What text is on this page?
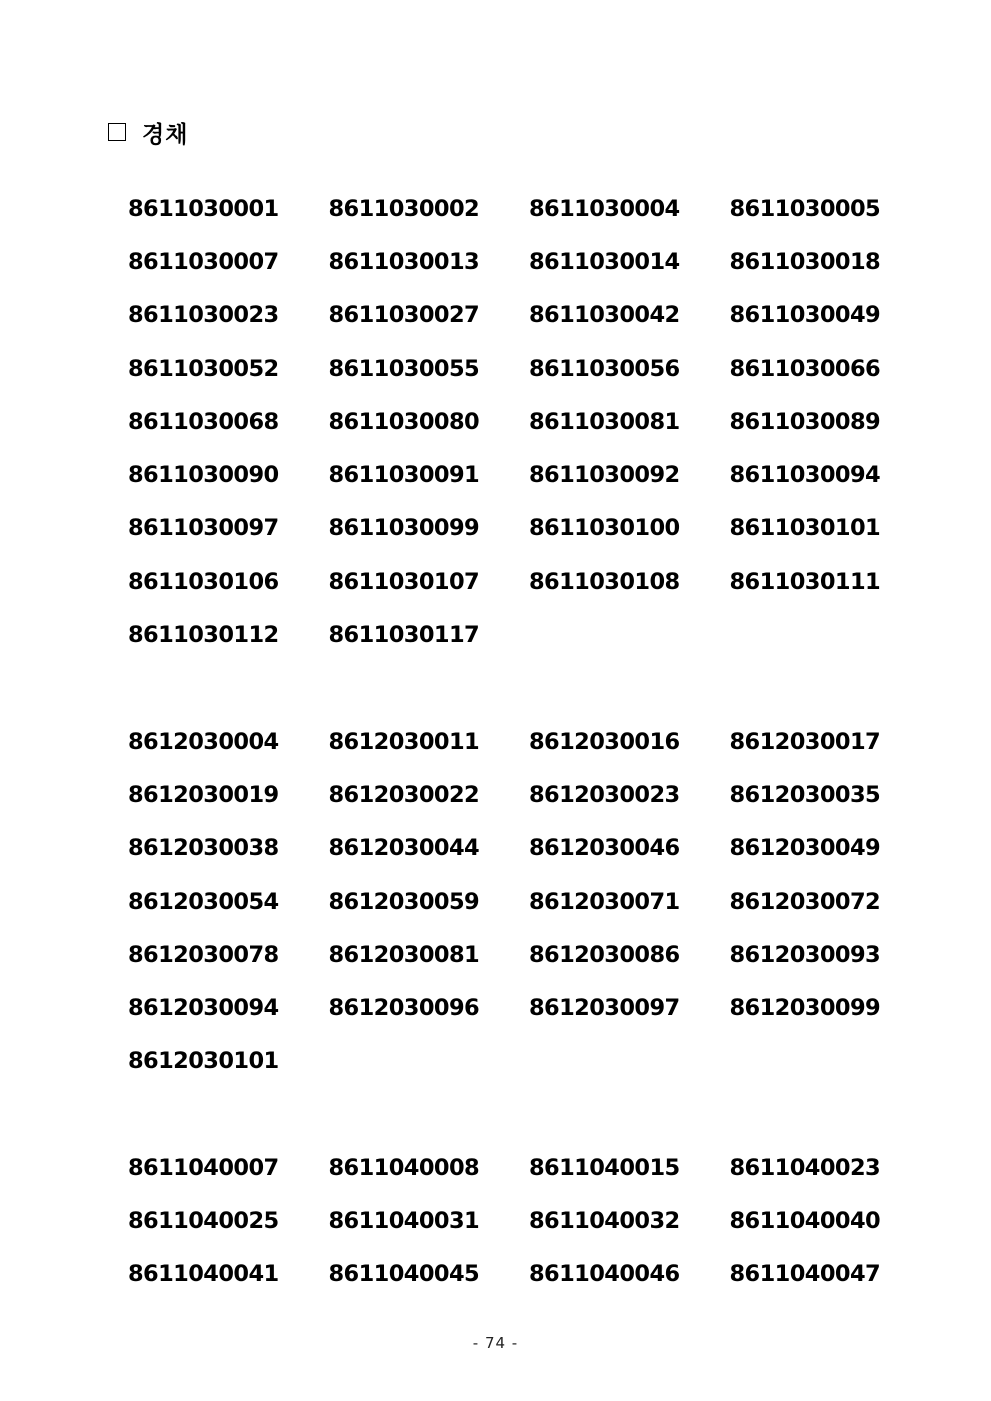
경채
8611030001	8611030002	8611030004	8611030005
8611030007	8611030013	8611030014	8611030018
8611030023	8611030027	8611030042	8611030049
8611030052	8611030055	8611030056	8611030066
8611030068	8611030080	8611030081	8611030089
8611030090	8611030091	8611030092	8611030094
8611030097	8611030099	8611030100	8611030101
8611030106	8611030107	8611030108	8611030111
8611030112	8611030117
8612030004	8612030011	8612030016	8612030017
8612030019	8612030022	8612030023	8612030035
8612030038	8612030044	8612030046	8612030049
8612030054	8612030059	8612030071	8612030072
8612030078	8612030081	8612030086	8612030093
8612030094	8612030096	8612030097	8612030099
8612030101
8611040007	8611040008	8611040015	8611040023
8611040025	8611040031	8611040032	8611040040
8611040041	8611040045	8611040046	8611040047
- 74 -
